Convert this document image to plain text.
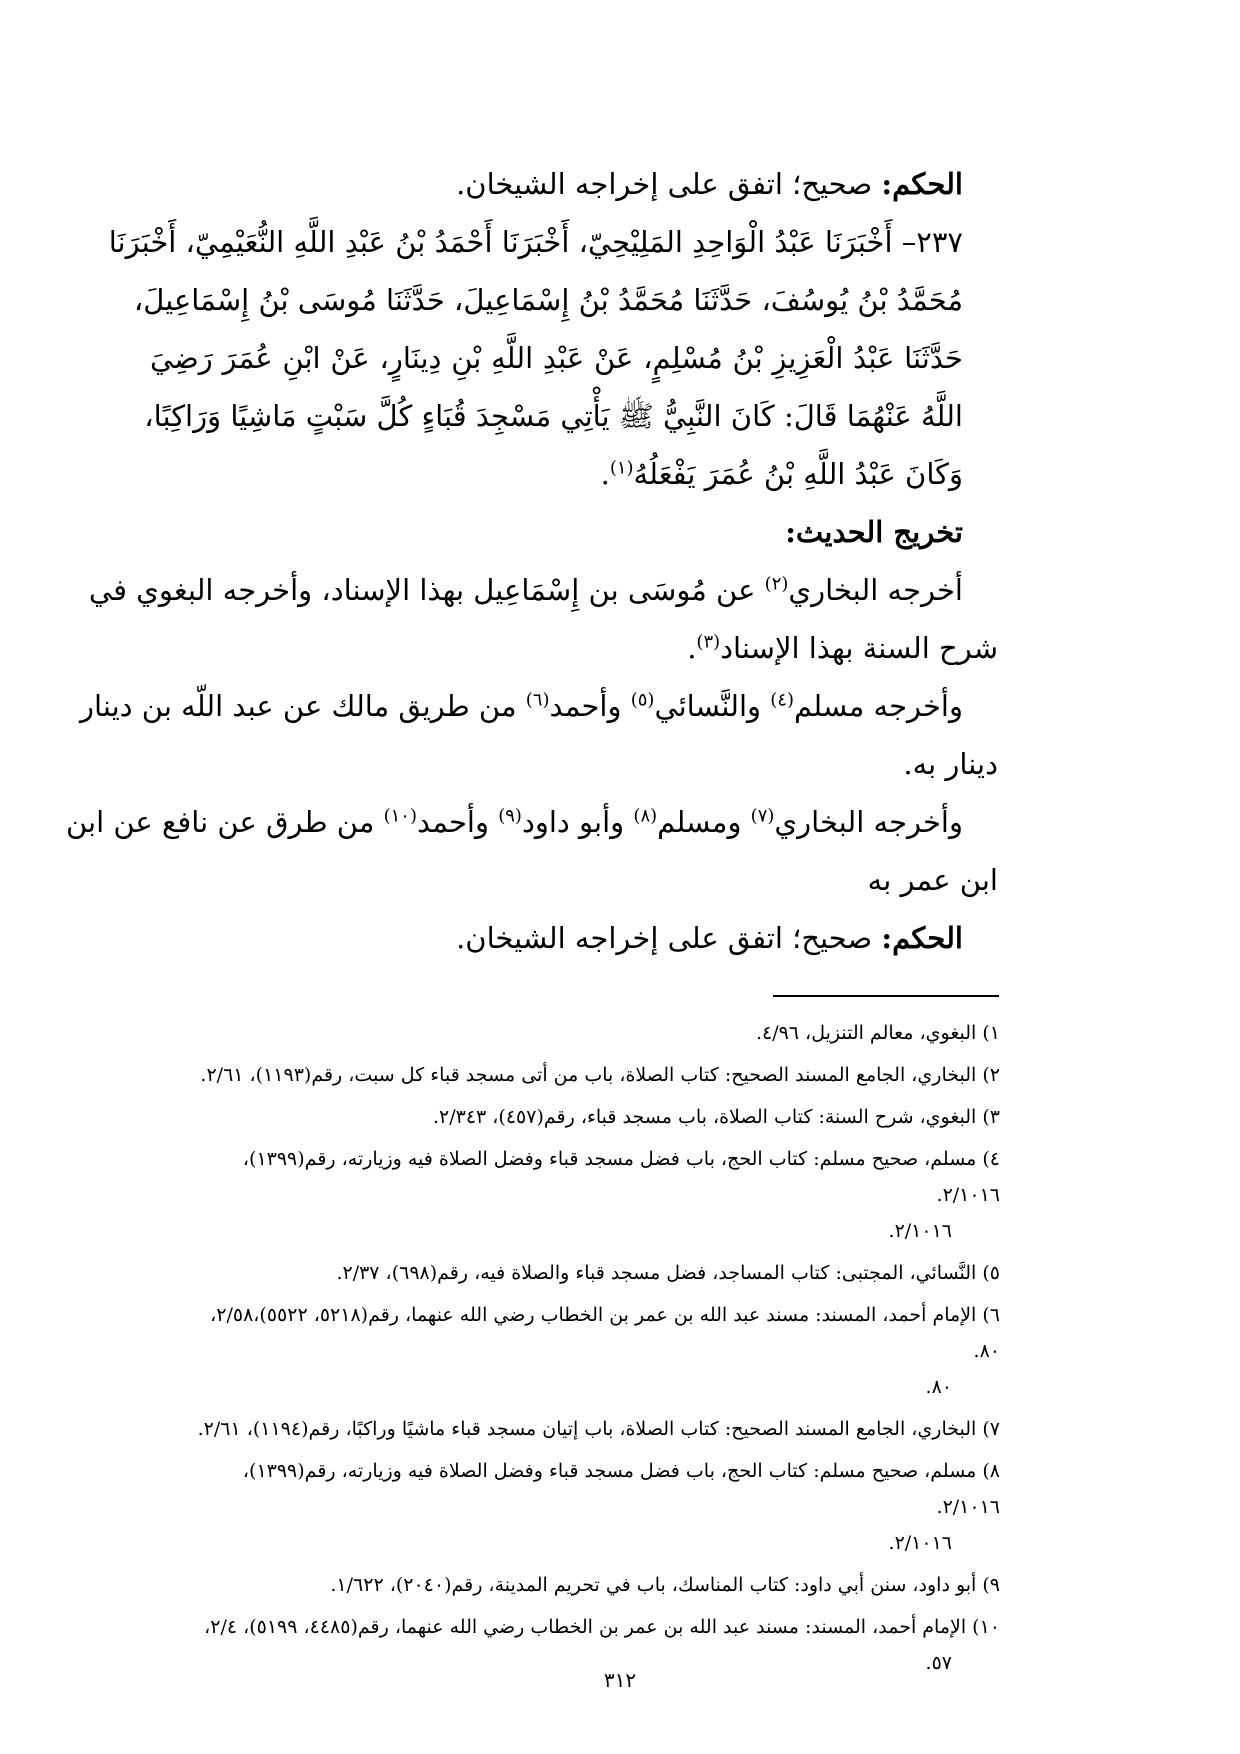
الحكم: صحيح؛ اتفق على إخراجه الشيخان.
٢٣٧– أَخْبَرَنَا عَبْدُ الْوَاحِدِ المَلِيْحِيّ، أَخْبَرَنَا أَحْمَدُ بْنُ عَبْدِ اللَّهِ النُّعَيْمِيّ، أَخْبَرَنَا
مُحَمَّدُ بْنُ يُوسُفَ، حَدَّثَنَا مُحَمَّدُ بْنُ إِسْمَاعِيلَ، حَدَّثَنَا مُوسَى بْنُ إِسْمَاعِيلَ،
حَدَّثَنَا عَبْدُ الْعَزِيزِ بْنُ مُسْلِمٍ، عَنْ عَبْدِ اللَّهِ بْنِ دِينَارٍ، عَنْ ابْنِ عُمَرَ رَضِيَ
اللَّهُ عَنْهُمَا قَالَ: كَانَ النَّبِيُّ ﷺ يَأْتِي مَسْجِدَ قُبَاءٍ كُلَّ سَبْتٍ مَاشِيًا وَرَاكِبًا،
وَكَانَ عَبْدُ اللَّهِ بْنُ عُمَرَ يَفْعَلُهُ$^{(١)}$.
تخريج الحديث:
أخرجه البخاري$^{(٢)}$ عن مُوسَى بن إِسْمَاعِيل بهذا الإسناد، وأخرجه البغوي في
شرح السنة بهذا الإسناد$^{(٣)}$.
وأخرجه مسلم$^{(٤)}$ والنَّسائي$^{(٥)}$ وأحمد$^{(٦)}$ من طريق مالك عن عبد اللّه بن دينار
دينار به.
وأخرجه البخاري$^{(٧)}$ ومسلم$^{(٨)}$ وأبو داود$^{(٩)}$ وأحمد$^{(١٠)}$ من طرق عن نافع عن ابن
ابن عمر به
الحكم: صحيح؛ اتفق على إخراجه الشيخان.
١) البغوي، معالم التنزيل، ٤/٩٦.
٢) البخاري، الجامع المسند الصحيح: كتاب الصلاة، باب من أتى مسجد قباء كل سبت، رقم(١١٩٣)، ٢/٦١.
٣) البغوي، شرح السنة: كتاب الصلاة، باب مسجد قباء، رقم(٤٥٧)، ٢/٣٤٣.
٤) مسلم، صحيح مسلم: كتاب الحج، باب فضل مسجد قباء وفضل الصلاة فيه وزيارته، رقم(١٣٩٩)، ٢/١٠١٦.
٢/١٠١٦.
٥) النَّسائي، المجتبى: كتاب المساجد، فضل مسجد قباء والصلاة فيه، رقم(٦٩٨)، ٢/٣٧.
٦) الإمام أحمد، المسند: مسند عبد الله بن عمر بن الخطاب رضي الله عنهما، رقم(٥٢١٨، ٥٥٢٢)،٢/٥٨، ٨٠.
٨٠.
٧) البخاري، الجامع المسند الصحيح: كتاب الصلاة، باب إتيان مسجد قباء ماشيًا وراكبًا، رقم(١١٩٤)، ٢/٦١.
٨) مسلم، صحيح مسلم: كتاب الحج، باب فضل مسجد قباء وفضل الصلاة فيه وزيارته، رقم(١٣٩٩)، ٢/١٠١٦.
٢/١٠١٦.
٩) أبو داود، سنن أبي داود: كتاب المناسك، باب في تحريم المدينة، رقم(٢٠٤٠)، ١/٦٢٢.
١٠) الإمام أحمد، المسند: مسند عبد الله بن عمر بن الخطاب رضي الله عنهما، رقم(٤٤٨٥، ٥١٩٩)، ٢/٤،
٥٧.
٣١٢
